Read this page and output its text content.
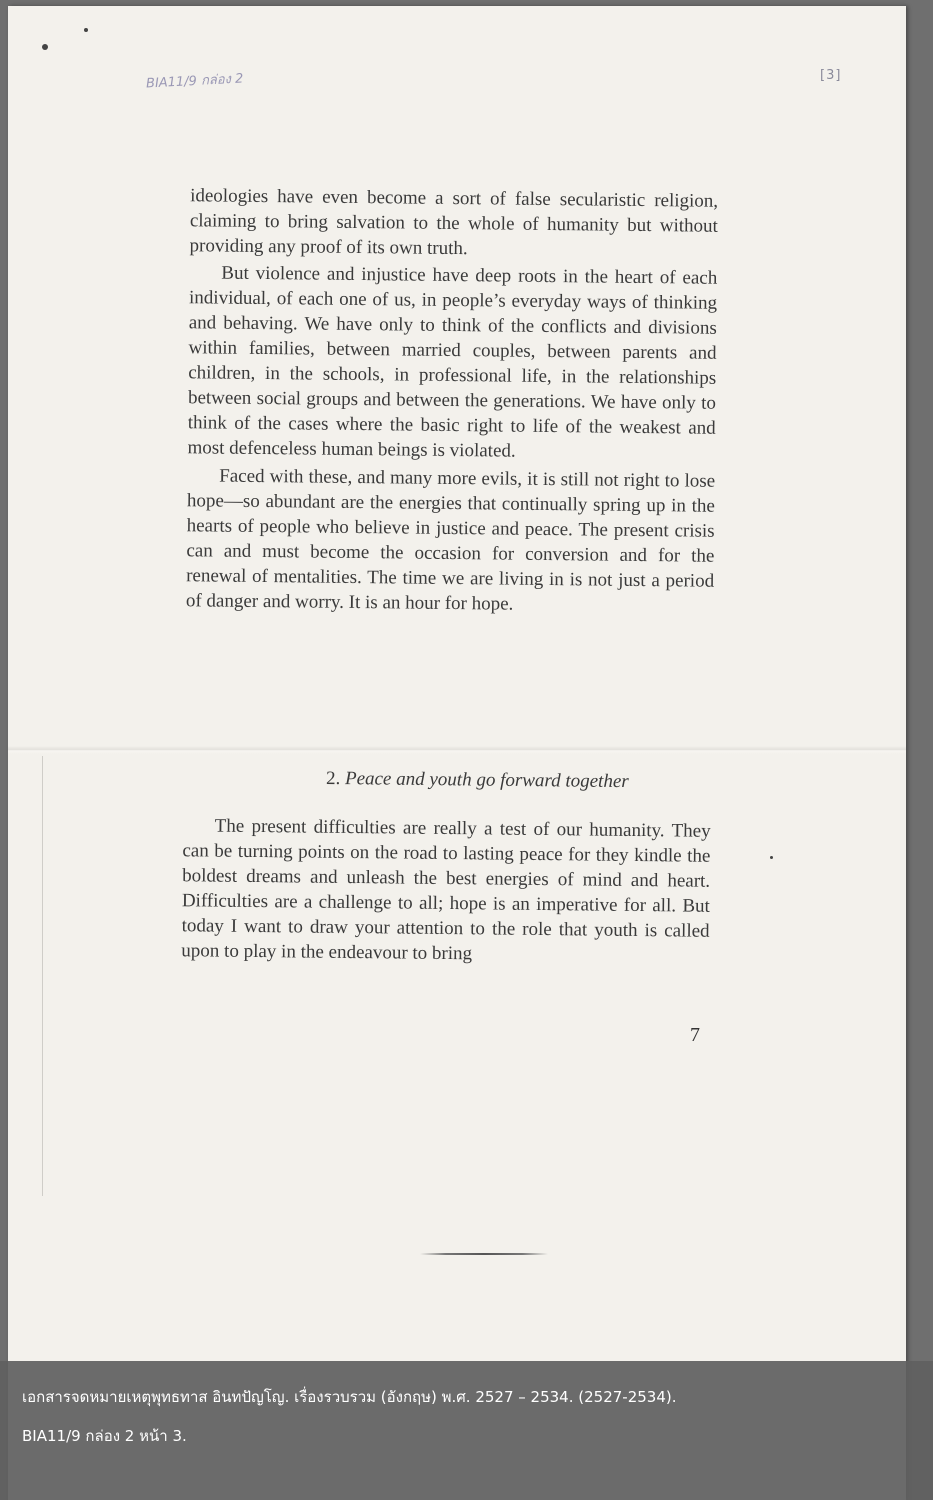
BIA11/9 กล่อง 2	[3]

ideologies have even become a sort of false secularistic religion, claiming to bring salvation to the whole of humanity but without providing any proof of its own truth.

But violence and injustice have deep roots in the heart of each individual, of each one of us, in people’s everyday ways of thinking and behaving. We have only to think of the conflicts and divisions within families, between married couples, between parents and children, in the schools, in professional life, in the relationships between social groups and between the generations. We have only to think of the cases where the basic right to life of the weakest and most defenceless human beings is violated.

Faced with these, and many more evils, it is still not right to lose hope—so abundant are the energies that continually spring up in the hearts of people who believe in justice and peace. The present crisis can and must become the occasion for conversion and for the renewal of mentalities. The time we are living in is not just a period of danger and worry. It is an hour for hope.

2. Peace and youth go forward together

The present difficulties are really a test of our humanity. They can be turning points on the road to lasting peace for they kindle the boldest dreams and unleash the best energies of mind and heart. Difficulties are a challenge to all; hope is an imperative for all. But today I want to draw your attention to the role that youth is called upon to play in the endeavour to bring

7
เอกสารจดหมายเหตุพุทธทาส อินทปัญโญ. เรื่องรวบรวม (อังกฤษ) พ.ศ. 2527 – 2534. (2527-2534).
BIA11/9 กล่อง 2 หน้า 3.
